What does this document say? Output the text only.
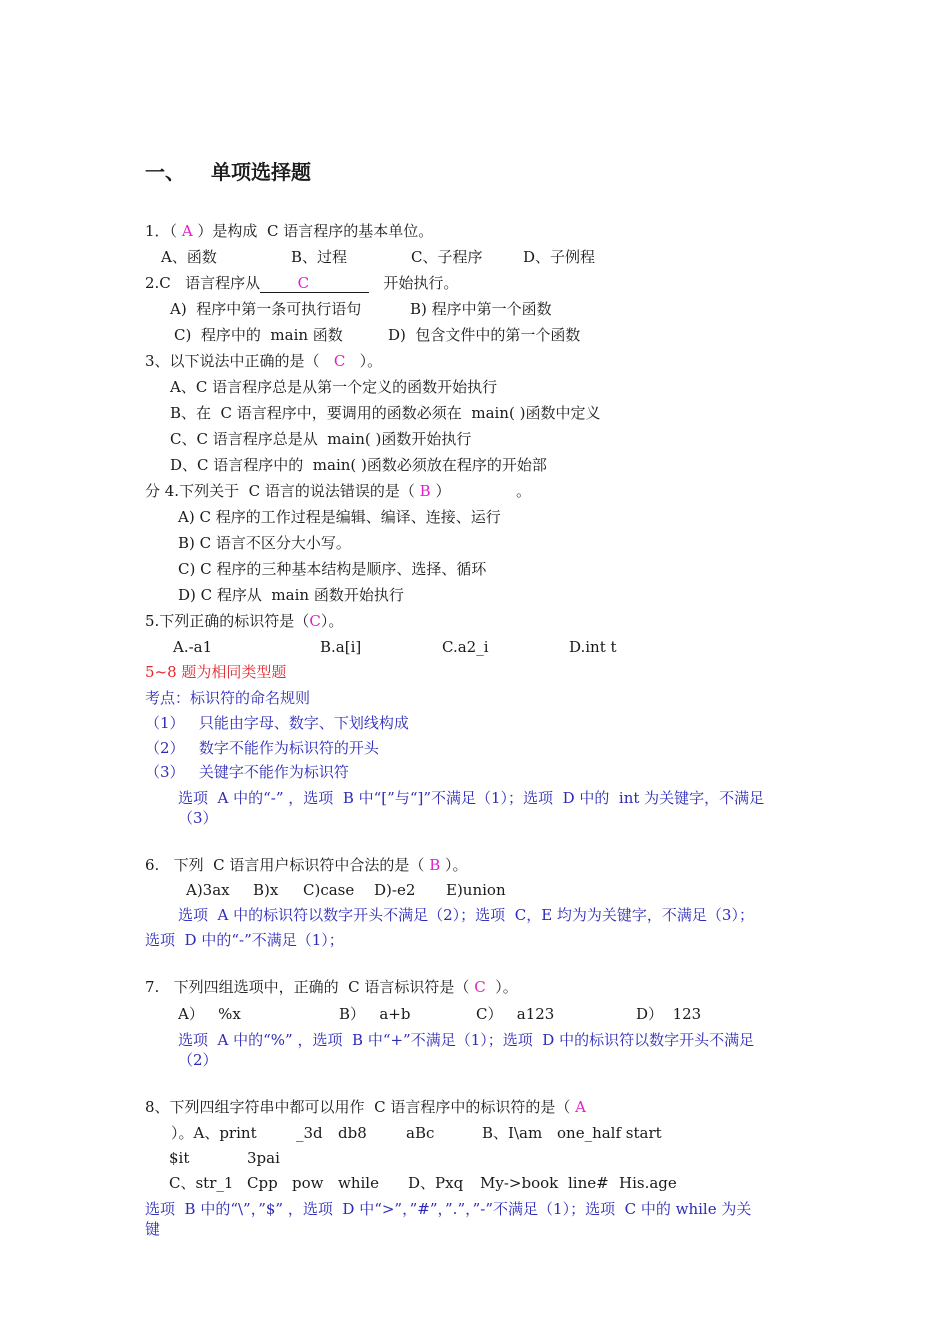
一、 单项选择题
1．（ A ）是构成  C 语言程序的基本单位。
A、函数	B、过程	C、子程序	D、子例程
2.C   语言程序从	C	开始执行。
A)  程序中第一条可执行语句	B) 程序中第一个函数
C)  程序中的  main 函数	D)  包含文件中的第一个函数
3、以下说法中正确的是（ C ）。
A、C 语言程序总是从第一个定义的函数开始执行
B、在  C 语言程序中，要调用的函数必须在  main( )函数中定义
C、C 语言程序总是从  main( )函数开始执行
D、C 语言程序中的  main( )函数必须放在程序的开始部
分 4.下列关于  C 语言的说法错误的是（ B ）	。
A) C 程序的工作过程是编辑、编译、连接、运行
B) C 语言不区分大小写。
C) C 程序的三种基本结构是顺序、选择、循环
D) C 程序从  main 函数开始执行
5.下列正确的标识符是（C）。
A.-a1	B.a[i]	C.a2_i	D.int t
5~8 题为相同类型题
考点：标识符的命名规则
（1）   只能由字母、数字、下划线构成
（2）   数字不能作为标识符的开头
（3）   关键字不能作为标识符
选项  A 中的“-” ，选项  B 中“[”与“]”不满足（1）；选项  D 中的  int 为关键字，不满足
（3）
6.   下列  C 语言用户标识符中合法的是（ B ）。
A)3ax B)x C)case D)-e2 E)union
选项  A 中的标识符以数字开头不满足（2）；选项  C，E 均为为关键字，不满足（3）；
选项  D 中的“-”不满足（1）；
7.   下列四组选项中，正确的  C 语言标识符是（ C ）。
A）   %x	B）   a+b	C）   a123	D）  123
选项  A 中的“%” ，选项  B 中“+”不满足（1）；选项  D 中的标识符以数字开头不满足
（2）
8、下列四组字符串中都可以用作  C 语言程序中的标识符的是（ A
）。A、print	_3d db8	aBc	B、I\am one_half start
$it	3pai
C、str_1 Cpp pow while D、Pxq My->book line# His.age
选项  B 中的“\”，”$” ，选项  D 中“>”，”#”，”.”，”-”不满足（1）；选项  C 中的 while 为关
键
